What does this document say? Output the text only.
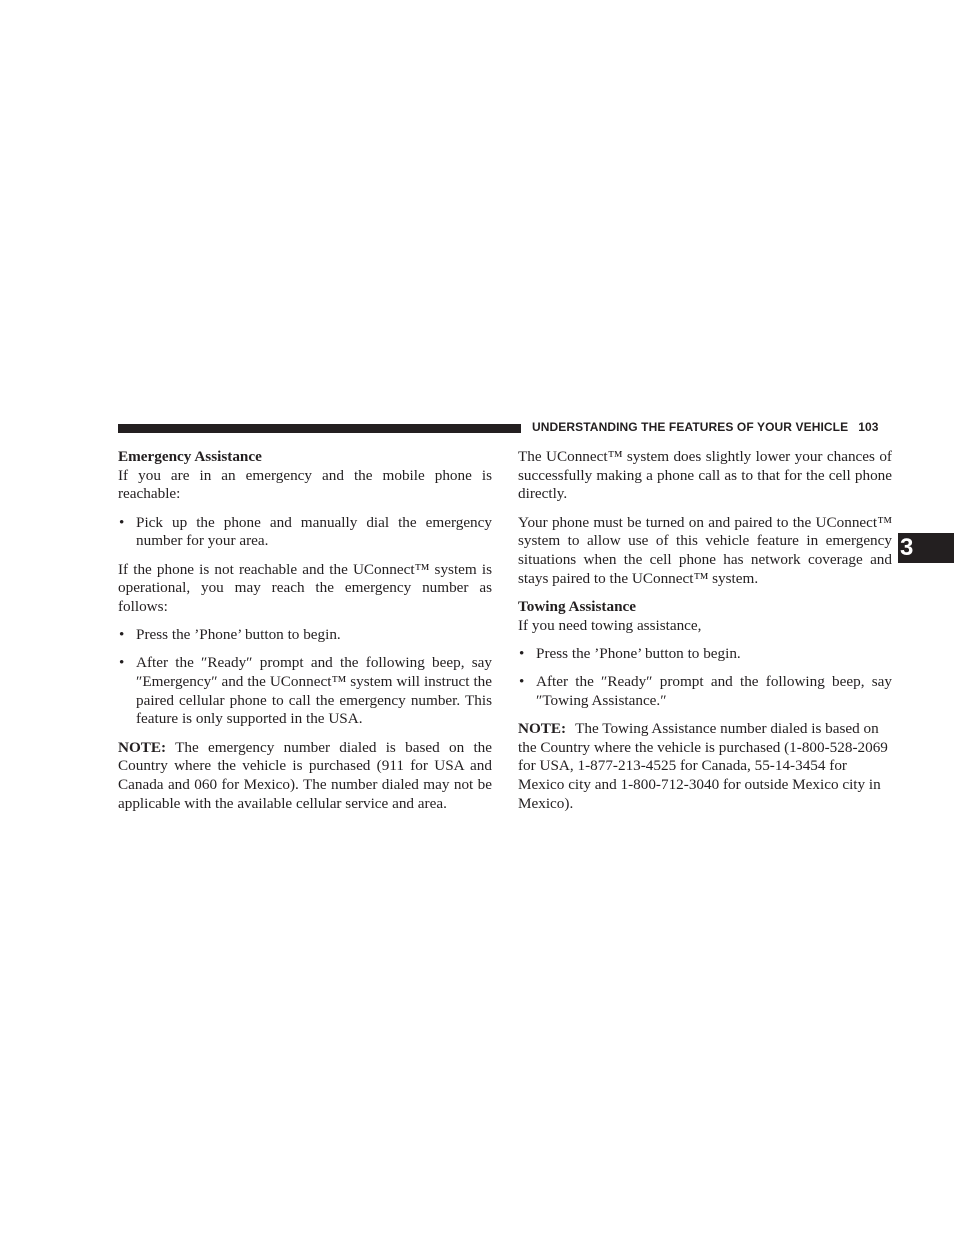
UNDERSTANDING THE FEATURES OF YOUR VEHICLE 103
3

Emergency Assistance

If you are in an emergency and the mobile phone is reachable:

• Pick up the phone and manually dial the emergency number for your area.

If the phone is not reachable and the UConnect™ system is operational, you may reach the emergency number as follows:

• Press the ’Phone’ button to begin.
• After the ″Ready″ prompt and the following beep, say ″Emergency″ and the UConnect™ system will instruct the paired cellular phone to call the emergency number. This feature is only supported in the USA.

NOTE: The emergency number dialed is based on the Country where the vehicle is purchased (911 for USA and Canada and 060 for Mexico). The number dialed may not be applicable with the available cellular service and area.

The UConnect™ system does slightly lower your chances of successfully making a phone call as to that for the cell phone directly.

Your phone must be turned on and paired to the UConnect™ system to allow use of this vehicle feature in emergency situations when the cell phone has network coverage and stays paired to the UConnect™ system.

Towing Assistance

If you need towing assistance,

• Press the ’Phone’ button to begin.
• After the ″Ready″ prompt and the following beep, say ″Towing Assistance.″

NOTE: The Towing Assistance number dialed is based on the Country where the vehicle is purchased (1-800-528-2069 for USA, 1-877-213-4525 for Canada, 55-14-3454 for Mexico city and 1-800-712-3040 for outside Mexico city in Mexico).
